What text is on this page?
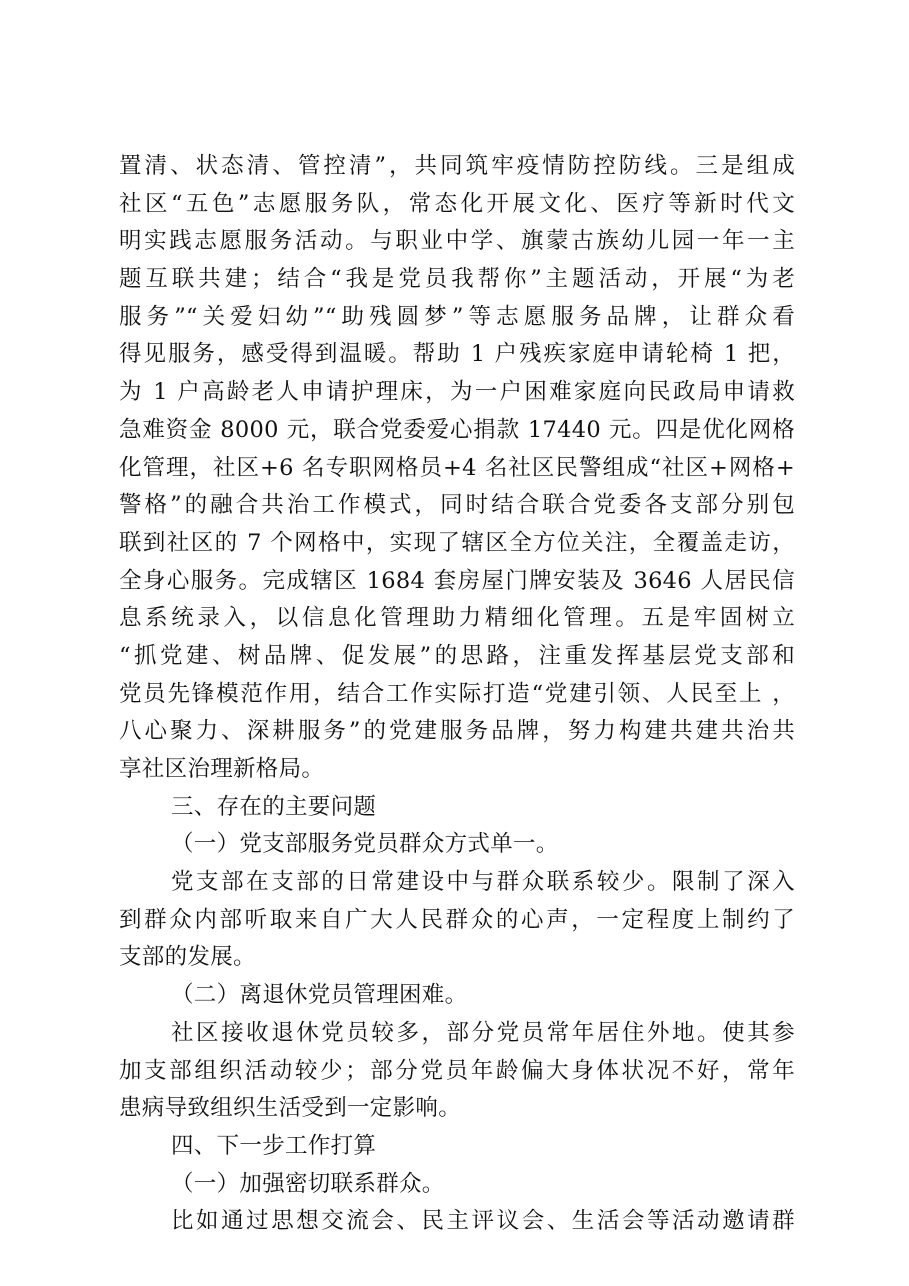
置清、状态清、管控清”，共同筑牢疫情防控防线。三是组成
社区“五色”志愿服务队，常态化开展文化、医疗等新时代文
明实践志愿服务活动。与职业中学、旗蒙古族幼儿园一年一主
题互联共建；结合“我是党员我帮你”主题活动，开展“为老
服务”“关爱妇幼”“助残圆梦”等志愿服务品牌，让群众看
得见服务，感受得到温暖。帮助 1 户残疾家庭申请轮椅 1 把，
为 1 户高龄老人申请护理床，为一户困难家庭向民政局申请救
急难资金 8000 元，联合党委爱心捐款 17440 元。四是优化网格
化管理，社区+6 名专职网格员+4 名社区民警组成“社区+网格+
警格”的融合共治工作模式，同时结合联合党委各支部分别包
联到社区的 7 个网格中，实现了辖区全方位关注，全覆盖走访，
全身心服务。完成辖区 1684 套房屋门牌安装及 3646 人居民信
息系统录入，以信息化管理助力精细化管理。五是牢固树立
“抓党建、树品牌、促发展”的思路，注重发挥基层党支部和
党员先锋模范作用，结合工作实际打造“党建引领、人民至上 ，
八心聚力、深耕服务”的党建服务品牌，努力构建共建共治共
享社区治理新格局。
三、存在的主要问题
（一）党支部服务党员群众方式单一。
党支部在支部的日常建设中与群众联系较少。限制了深入
到群众内部听取来自广大人民群众的心声，一定程度上制约了
支部的发展。
（二）离退休党员管理困难。
社区接收退休党员较多，部分党员常年居住外地。使其参
加支部组织活动较少；部分党员年龄偏大身体状况不好，常年
患病导致组织生活受到一定影响。
四、下一步工作打算
（一）加强密切联系群众。
比如通过思想交流会、民主评议会、生活会等活动邀请群
